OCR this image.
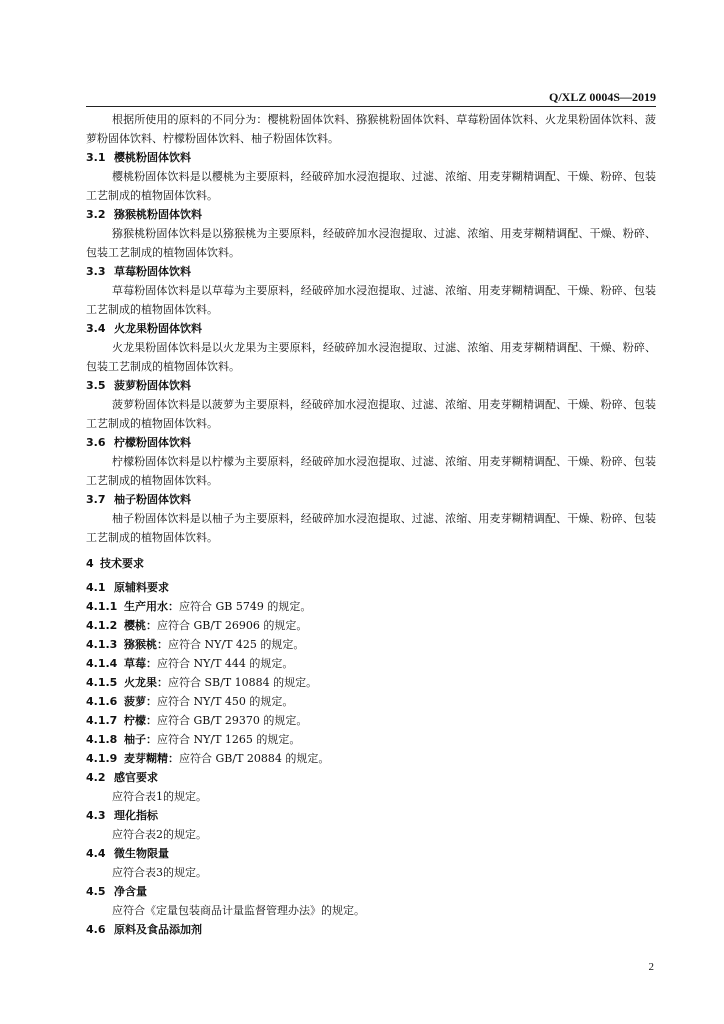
Q/XLZ 0004S—2019

根据所使用的原料的不同分为：樱桃粉固体饮料、猕猴桃粉固体饮料、草莓粉固体饮料、火龙果粉固体饮料、菠萝粉固体饮料、柠檬粉固体饮料、柚子粉固体饮料。

3.1 樱桃粉固体饮料

樱桃粉固体饮料是以樱桃为主要原料，经破碎加水浸泡提取、过滤、浓缩、用麦芽糊精调配、干燥、粉碎、包装工艺制成的植物固体饮料。

3.2 猕猴桃粉固体饮料

猕猴桃粉固体饮料是以猕猴桃为主要原料，经破碎加水浸泡提取、过滤、浓缩、用麦芽糊精调配、干燥、粉碎、包装工艺制成的植物固体饮料。

3.3 草莓粉固体饮料

草莓粉固体饮料是以草莓为主要原料，经破碎加水浸泡提取、过滤、浓缩、用麦芽糊精调配、干燥、粉碎、包装工艺制成的植物固体饮料。

3.4 火龙果粉固体饮料

火龙果粉固体饮料是以火龙果为主要原料，经破碎加水浸泡提取、过滤、浓缩、用麦芽糊精调配、干燥、粉碎、包装工艺制成的植物固体饮料。

3.5 菠萝粉固体饮料

菠萝粉固体饮料是以菠萝为主要原料，经破碎加水浸泡提取、过滤、浓缩、用麦芽糊精调配、干燥、粉碎、包装工艺制成的植物固体饮料。

3.6 柠檬粉固体饮料

柠檬粉固体饮料是以柠檬为主要原料，经破碎加水浸泡提取、过滤、浓缩、用麦芽糊精调配、干燥、粉碎、包装工艺制成的植物固体饮料。

3.7 柚子粉固体饮料

柚子粉固体饮料是以柚子为主要原料，经破碎加水浸泡提取、过滤、浓缩、用麦芽糊精调配、干燥、粉碎、包装工艺制成的植物固体饮料。

4 技术要求

4.1 原辅料要求

4.1.1 生产用水：应符合 GB 5749 的规定。

4.1.2 樱桃：应符合 GB/T 26906 的规定。

4.1.3 猕猴桃：应符合 NY/T 425 的规定。

4.1.4 草莓：应符合 NY/T 444 的规定。

4.1.5 火龙果：应符合 SB/T 10884 的规定。

4.1.6 菠萝：应符合 NY/T 450 的规定。

4.1.7 柠檬：应符合 GB/T 29370 的规定。

4.1.8 柚子：应符合 NY/T 1265 的规定。

4.1.9 麦芽糊精：应符合 GB/T 20884 的规定。

4.2 感官要求

应符合表1的规定。

4.3 理化指标

应符合表2的规定。

4.4 微生物限量

应符合表3的规定。

4.5 净含量

应符合《定量包装商品计量监督管理办法》的规定。

4.6 原料及食品添加剂

2
